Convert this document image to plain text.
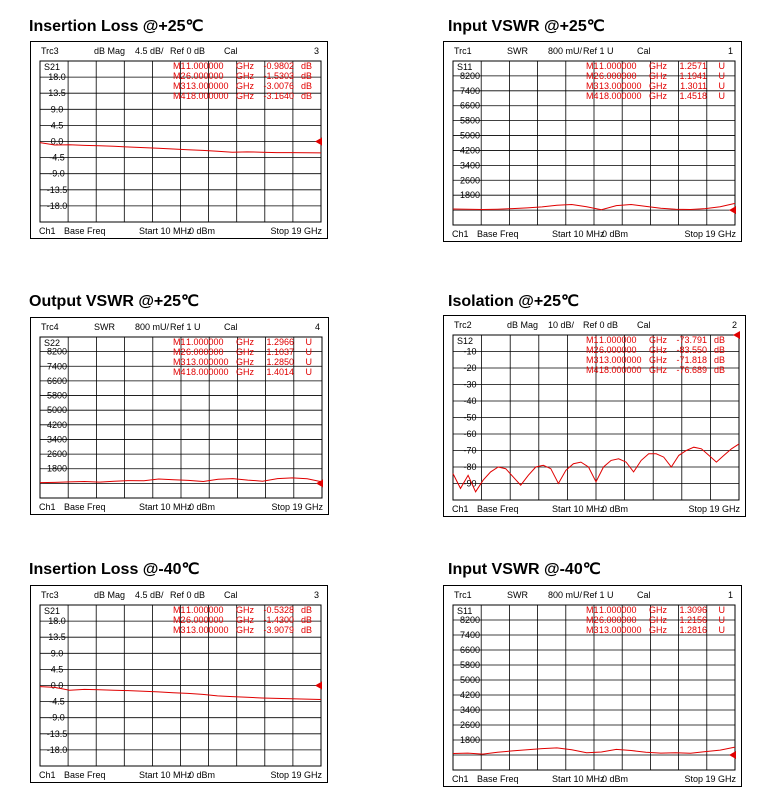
Insertion Loss @+25℃
Trc3	dB Mag 4.5 dB/ Ref 0 dB Cal	3
18.0
13.5
9.0
4.5
0.0
-4.5
-9.0
-13.5
-18.0
S21	M1 1.000000 GHz -0.9802 dB
M2 6.000000 GHz -1.5303 dB
M3 13.000000 GHz -3.0076 dB
M4 18.000000 GHz -3.1640 dB
Ch1 Base Freq	Start 10 MHz
0 dBm	Stop 19 GHz
Input VSWR @+25℃
Trc1	SWR 800 mU/ Ref 1 U	Cal	1
8200
7400
6600
5800
5000
4200
3400
2600
1800
S11	M1 1.000000 GHz 1.2571 U
M2 6.000000 GHz 1.1941 U
M3 13.000000 GHz 1.3011 U
M4 18.000000 GHz 1.4518 U
Ch1 Base Freq	Start 10 MHz
0 dBm	Stop 19 GHz
Output VSWR @+25℃
Trc4	SWR 800 mU/ Ref 1 U	Cal	4
8200
7400
6600
5800
5000
4200
3400
2600
1800
S22	M1 1.000000 GHz 1.2966 U
M2 6.000000 GHz 1.1037 U
M3 13.000000 GHz 1.2850 U
M4 18.000000 GHz 1.4014 U
Ch1 Base Freq	Start 10 MHz
0 dBm	Stop 19 GHz
Isolation @+25℃
Trc2	dB Mag 10 dB/ Ref 0 dB Cal	2
-10
-20
-30
-40
-50
-60
-70
-80
-90
S12	M1 1.000000 GHz -73.791 dB
M2 6.000000 GHz -83.550 dB
M3 13.000000 GHz -71.818 dB
M4 18.000000 GHz -76.689 dB
Ch1 Base Freq	Start 10 MHz
0 dBm	Stop 19 GHz
Insertion Loss @-40℃
Trc3	dB Mag 4.5 dB/ Ref 0 dB Cal	3
18.0
13.5
9.0
4.5
0.0
-4.5
-9.0
-13.5
-18.0
S21	M1 1.000000 GHz -0.5328 dB
M2 6.000000 GHz -1.4300 dB
M3 13.000000 GHz -3.9079 dB
Ch1 Base Freq	Start 10 MHz
0 dBm	Stop 19 GHz
Input VSWR @-40℃
Trc1	SWR 800 mU/ Ref 1 U	Cal	1
8200
7400
6600
5800
5000
4200
3400
2600
1800
S11	M1 1.000000 GHz 1.3096 U
M2 6.000000 GHz 1.2156 U
M3 13.000000 GHz 1.2816 U
Ch1 Base Freq	Start 10 MHz
0 dBm	Stop 19 GHz
